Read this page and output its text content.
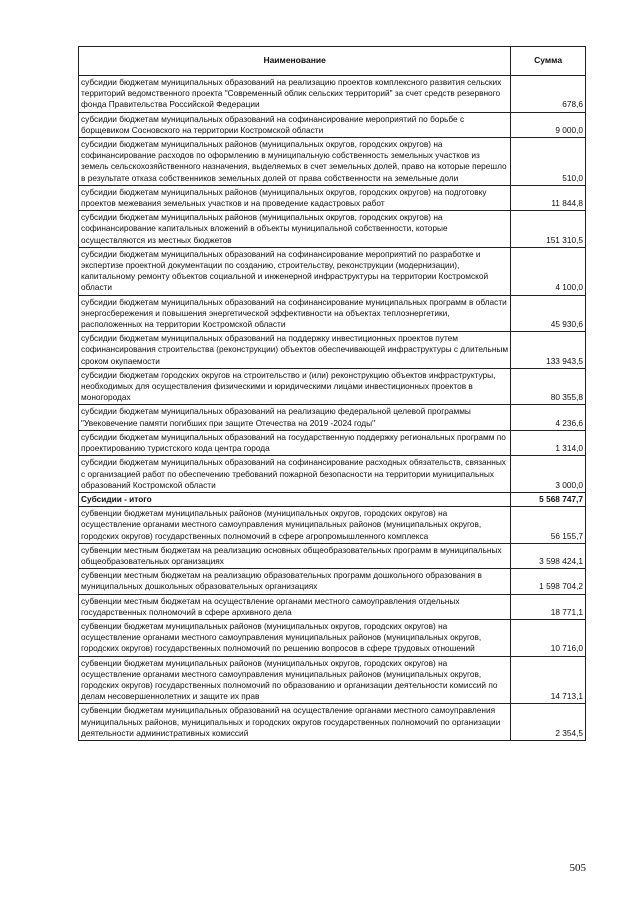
Наименование	Сумма
субсидии бюджетам муниципальных образований на реализацию проектов комплексного развития сельских территорий ведомственного проекта "Современный облик сельских территорий" за счет средств резервного фонда Правительства Российской Федерации	678,6
субсидии бюджетам муниципальных образований на софинансирование мероприятий по борьбе с борщевиком Сосновского на территории Костромской области	9 000,0
субсидии бюджетам муниципальных районов (муниципальных округов, городских округов) на софинансирование расходов по оформлению в муниципальную собственность земельных участков из земель сельскохозяйственного назначения, выделяемых в счет земельных долей, право на которые перешло в результате отказа собственников земельных долей от права собственности на земельные доли	510,0
субсидии бюджетам муниципальных районов (муниципальных округов, городских округов) на подготовку проектов межевания земельных участков и на проведение кадастровых работ	11 844,8
субсидии бюджетам муниципальных районов (муниципальных округов, городских округов) на софинансирование капитальных вложений в объекты муниципальной собственности, которые осуществляются из местных бюджетов	151 310,5
субсидии бюджетам муниципальных образований на софинансирование мероприятий по разработке и экспертизе проектной документации по созданию, строительству, реконструкции (модернизации), капитальному ремонту объектов социальной и инженерной инфраструктуры на территории Костромской области	4 100,0
субсидии бюджетам муниципальных образований на софинансирование муниципальных программ в области энергосбережения и повышения энергетической эффективности на объектах теплоэнергетики, расположенных на территории Костромской области	45 930,6
субсидии бюджетам муниципальных образований на поддержку инвестиционных проектов путем софинансирования строительства (реконструкции) объектов обеспечивающей инфраструктуры с длительным сроком окупаемости	133 943,5
субсидии бюджетам городских округов на строительство и (или) реконструкцию объектов инфраструктуры, необходимых для осуществления физическими и юридическими лицами инвестиционных проектов в моногородах	80 355,8
субсидии бюджетам муниципальных образований на реализацию федеральной целевой программы "Увековечение памяти погибших при защите Отечества на 2019 -2024 годы"	4 236,6
субсидии бюджетам муниципальных образований на государственную поддержку региональных программ по проектированию туристского кода центра города	1 314,0
субсидии бюджетам муниципальных образований на софинансирование расходных обязательств, связанных с организацией работ по обеспечению требований пожарной безопасности на территории муниципальных образований Костромской области	3 000,0
Субсидии - итого	5 568 747,7
субвенции бюджетам муниципальных районов (муниципальных округов, городских округов) на осуществление органами местного самоуправления муниципальных районов (муниципальных округов, городских округов) государственных полномочий в сфере агропромышленного комплекса	56 155,7
субвенции местным бюджетам на реализацию основных общеобразовательных программ в муниципальных общеобразовательных организациях	3 598 424,1
субвенции местным бюджетам на реализацию образовательных программ дошкольного образования в муниципальных дошкольных образовательных организациях	1 598 704,2
субвенции местным бюджетам на осуществление органами местного самоуправления отдельных государственных полномочий в сфере архивного дела	18 771,1
субвенции бюджетам муниципальных районов (муниципальных округов, городских округов) на осуществление органами местного самоуправления муниципальных районов (муниципальных округов, городских округов) государственных полномочий по решению вопросов в сфере трудовых отношений	10 716,0
субвенции бюджетам муниципальных районов (муниципальных округов, городских округов) на осуществление органами местного самоуправления муниципальных районов (муниципальных округов, городских округов) государственных полномочий по образованию и организации деятельности комиссий по делам несовершеннолетних и защите их прав	14 713,1
субвенции бюджетам муниципальных образований на осуществление органами местного самоуправления муниципальных районов, муниципальных и городских округов государственных полномочий по организации деятельности административных комиссий	2 354,5
505
